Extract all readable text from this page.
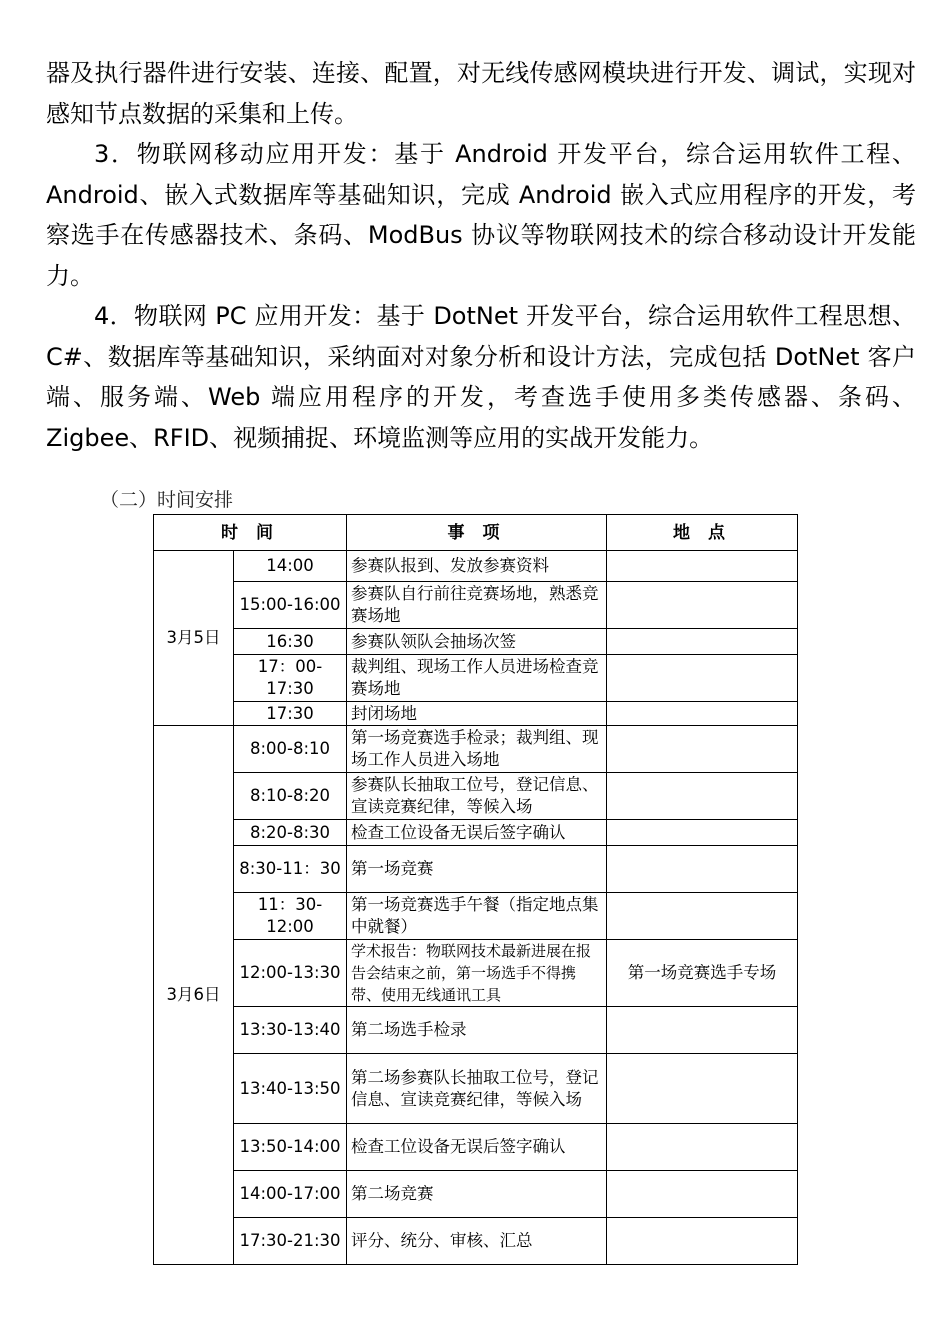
器及执行器件进行安装、连接、配置，对无线传感网模块进行开发、调试，实现对感知节点数据的采集和上传。

3．物联网移动应用开发：基于 Android 开发平台，综合运用软件工程、Android、嵌入式数据库等基础知识，完成 Android 嵌入式应用程序的开发，考察选手在传感器技术、条码、ModBus 协议等物联网技术的综合移动设计开发能力。

4．物联网 PC 应用开发：基于 DotNet 开发平台，综合运用软件工程思想、C#、数据库等基础知识，采纳面对对象分析和设计方法，完成包括 DotNet 客户端、服务端、Web 端应用程序的开发，考查选手使用多类传感器、条码、Zigbee、RFID、视频捕捉、环境监测等应用的实战开发能力。

（二）时间安排
时 间		事 项	地 点
3月5日	14:00	参赛队报到、发放参赛资料	
	15:00-16:00	参赛队自行前往竞赛场地，熟悉竞赛场地	
	16:30	参赛队领队会抽场次签	
	17：00-17:30	裁判组、现场工作人员进场检查竞赛场地	
	17:30	封闭场地	
3月6日	8:00-8:10	第一场竞赛选手检录；裁判组、现场工作人员进入场地	
	8:10-8:20	参赛队长抽取工位号，登记信息、宣读竞赛纪律，等候入场	
	8:20-8:30	检查工位设备无误后签字确认	
	8:30-11：30	第一场竞赛	
	11：30-12:00	第一场竞赛选手午餐（指定地点集中就餐）	
	12:00-13:30	学术报告：物联网技术最新进展在报告会结束之前，第一场选手不得携带、使用无线通讯工具	第一场竞赛选手专场
	13:30-13:40	第二场选手检录	
	13:40-13:50	第二场参赛队长抽取工位号，登记信息、宣读竞赛纪律，等候入场	
	13:50-14:00	检查工位设备无误后签字确认	
	14:00-17:00	第二场竞赛	
	17:30-21:30	评分、统分、审核、汇总	
